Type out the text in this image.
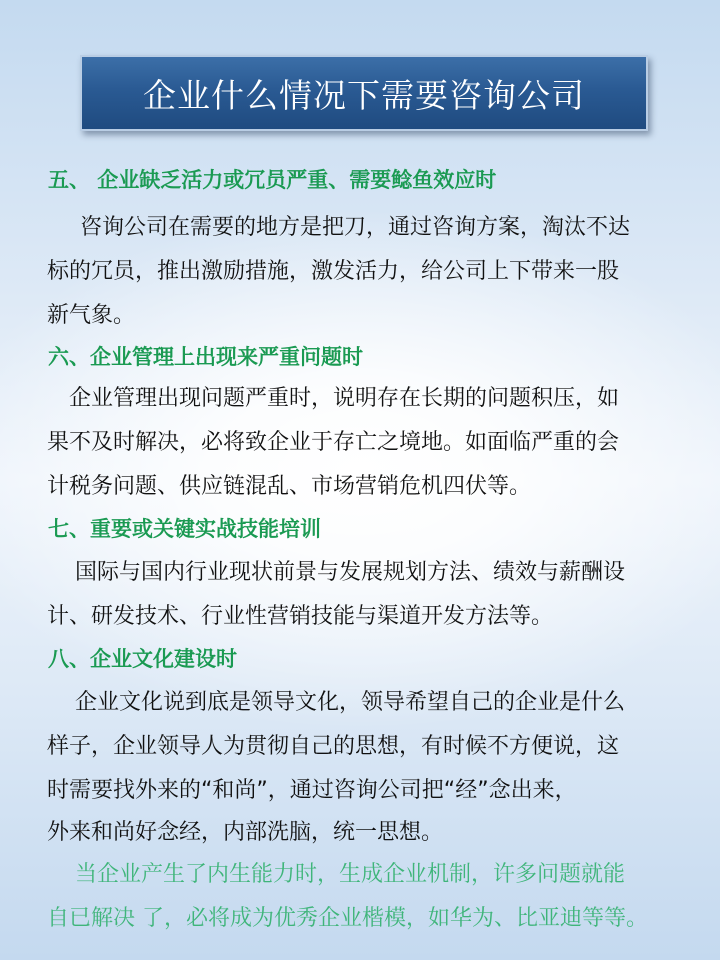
企业什么情况下需要咨询公司
五、 企业缺乏活力或冗员严重、需要鲶鱼效应时
咨询公司在需要的地方是把刀，通过咨询方案，淘汰不达
标的冗员，推出激励措施，激发活力，给公司上下带来一股
新气象。
六、企业管理上出现来严重问题时
企业管理出现问题严重时，说明存在长期的问题积压，如
果不及时解决，必将致企业于存亡之境地。如面临严重的会
计税务问题、供应链混乱、市场营销危机四伏等。
七、重要或关键实战技能培训
国际与国内行业现状前景与发展规划方法、绩效与薪酬设
计、研发技术、行业性营销技能与渠道开发方法等。
八、企业文化建设时
企业文化说到底是领导文化，领导希望自己的企业是什么
样子，企业领导人为贯彻自己的思想，有时候不方便说，这
时需要找外来的“和尚”，通过咨询公司把“经”念出来，
外来和尚好念经，内部洗脑，统一思想。
当企业产生了内生能力时，生成企业机制，许多问题就能
自已解决 了，必将成为优秀企业楷模，如华为、比亚迪等等。
